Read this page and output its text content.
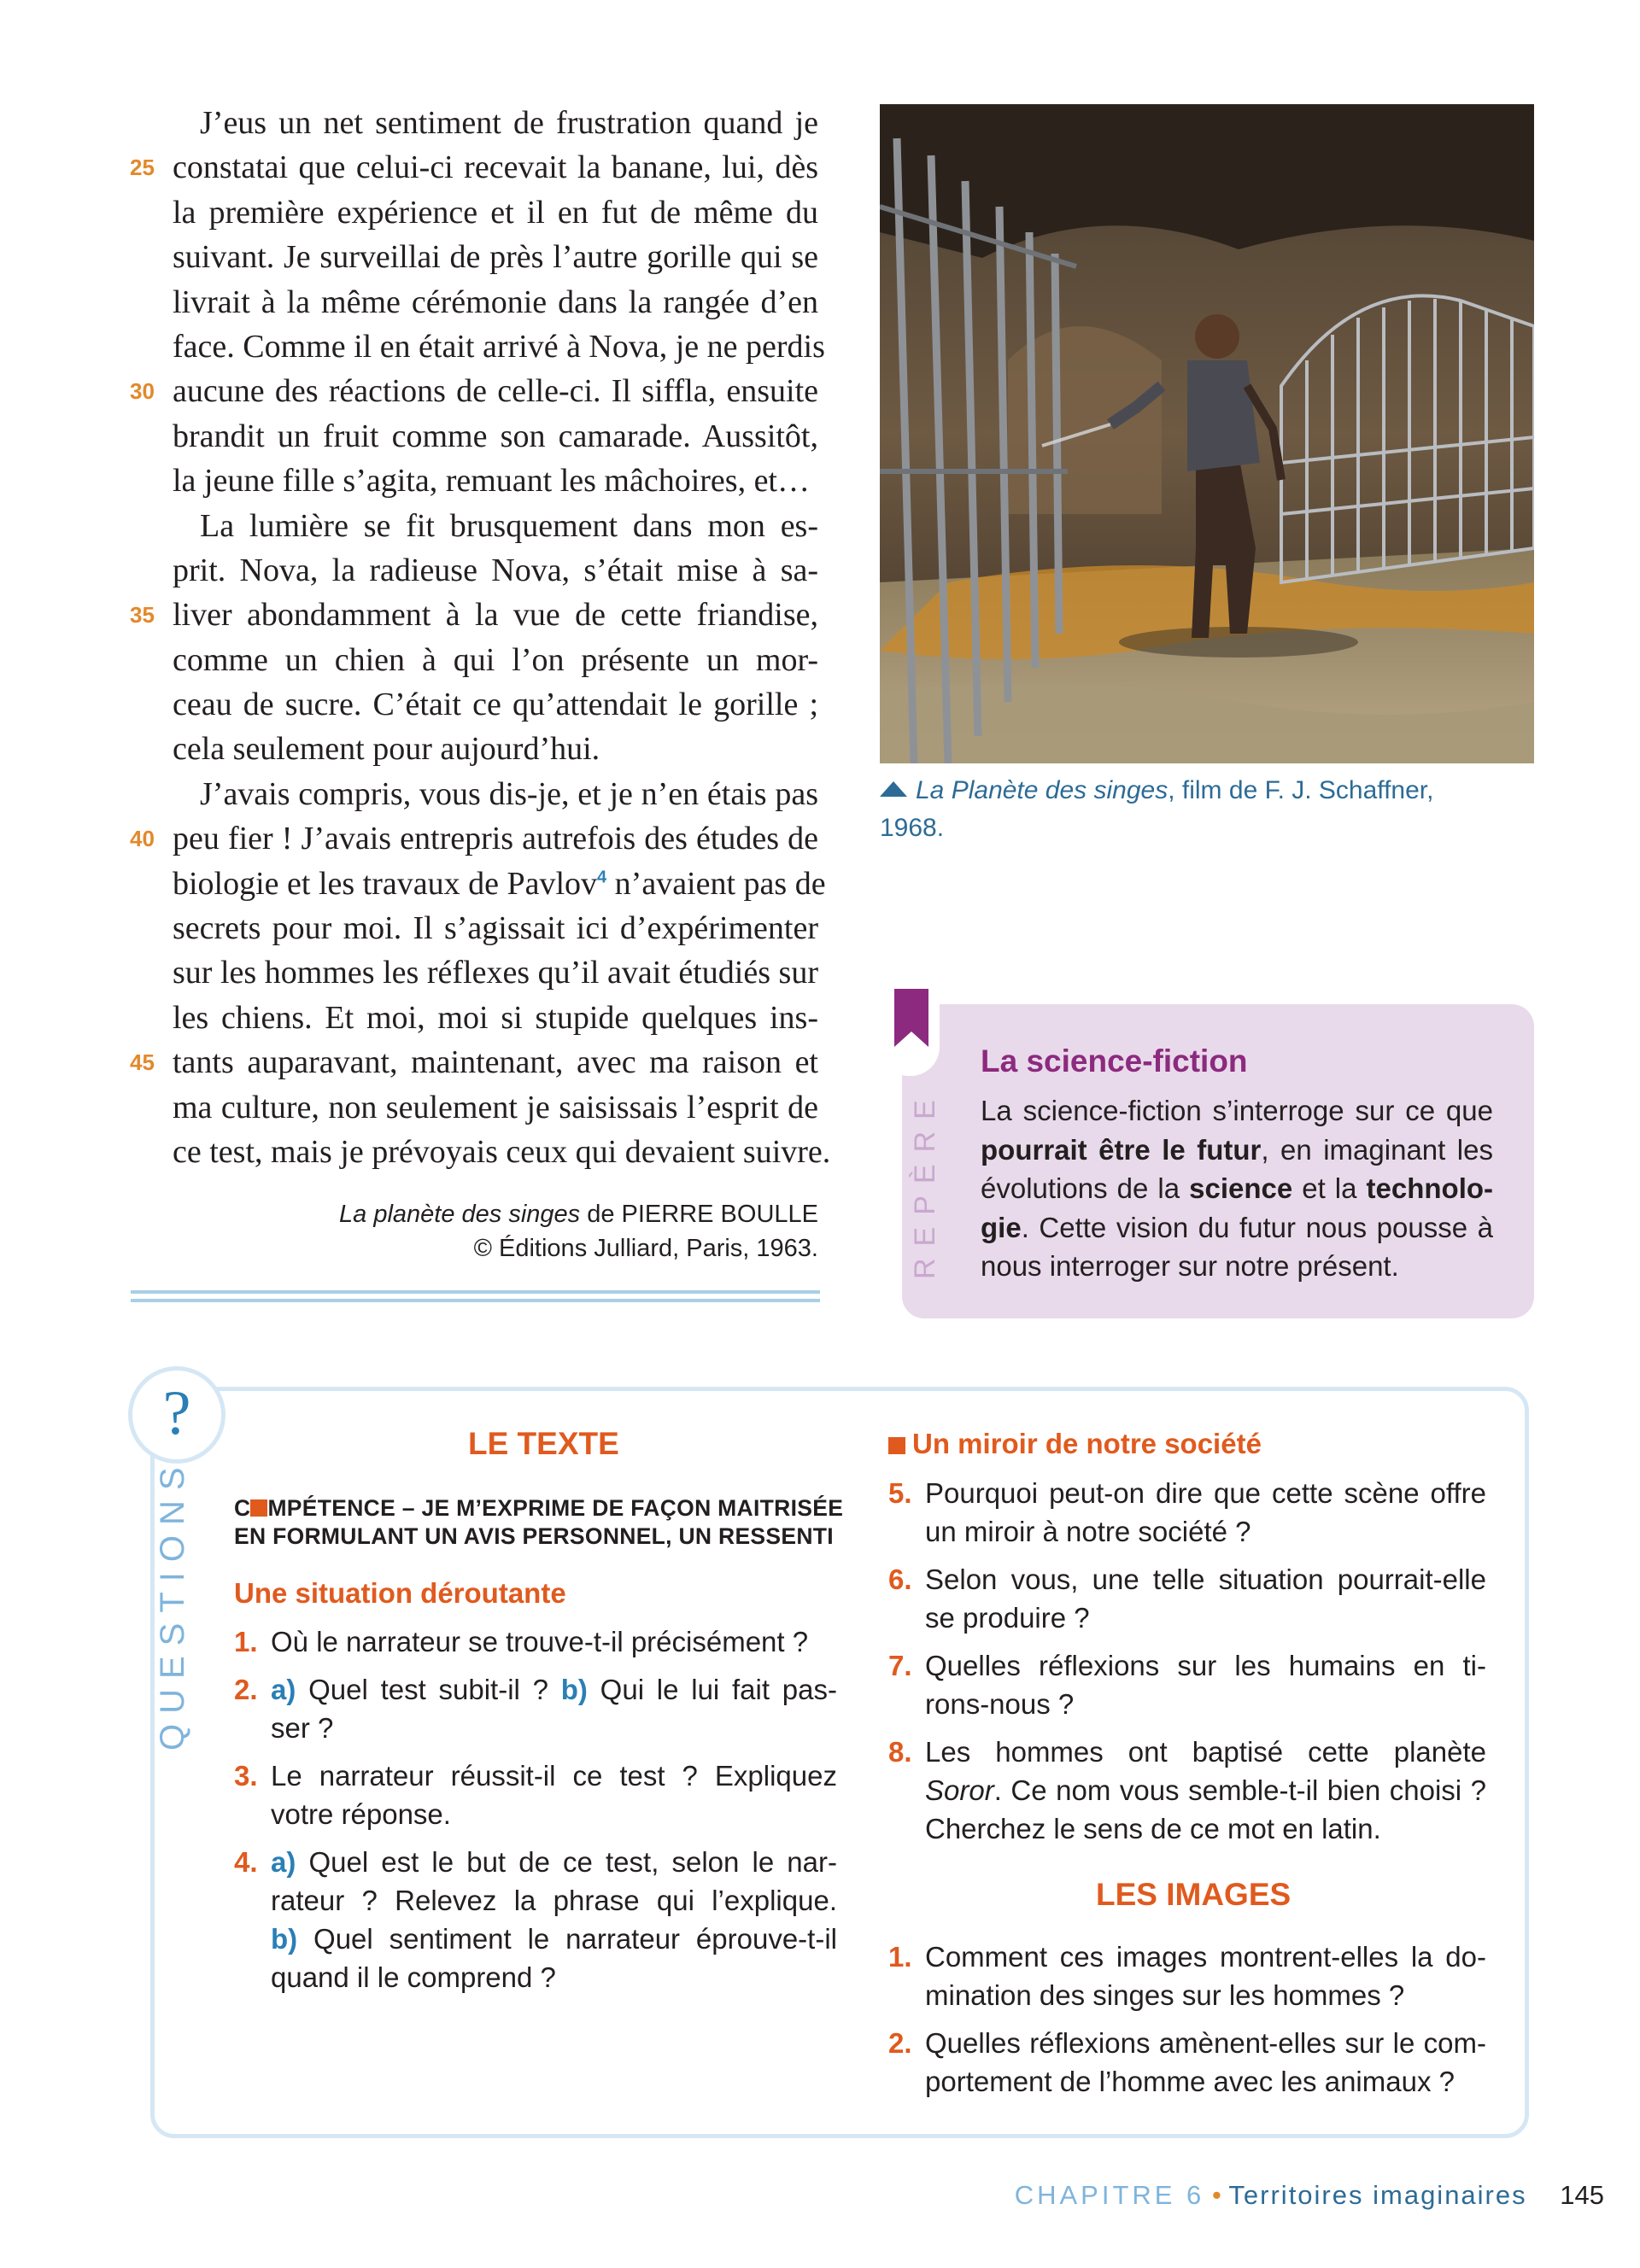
J’eus un net sentiment de frustration quand je
25 constatai que celui-ci recevait la banane, lui, dès
la première expérience et il en fut de même du
suivant. Je surveillai de près l’autre gorille qui se
livrait à la même cérémonie dans la rangée d’en
face. Comme il en était arrivé à Nova, je ne perdis
30 aucune des réactions de celle-ci. Il siffla, ensuite
brandit un fruit comme son camarade. Aussitôt,
la jeune fille s’agita, remuant les mâchoires, et…
La lumière se fit brusquement dans mon es-
prit. Nova, la radieuse Nova, s’était mise à sa-
35 liver abondamment à la vue de cette friandise,
comme un chien à qui l’on présente un mor-
ceau de sucre. C’était ce qu’attendait le gorille ;
cela seulement pour aujourd’hui.
J’avais compris, vous dis-je, et je n’en étais pas
40 peu fier ! J’avais entrepris autrefois des études de
biologie et les travaux de Pavlov$^4$ n’avaient pas de
secrets pour moi. Il s’agissait ici d’expérimenter
sur les hommes les réflexes qu’il avait étudiés sur
les chiens. Et moi, moi si stupide quelques ins-
45 tants auparavant, maintenant, avec ma raison et
ma culture, non seulement je saisissais l’esprit de
ce test, mais je prévoyais ceux qui devaient suivre.
La planète des singes de PIERRE BOULLE
© Éditions Julliard, Paris, 1963.
La Planète des singes, film de F. J. Schaffner,
1968.
REPÈRE
La science-fiction
La science-fiction s’interroge sur ce que
pourrait être le futur, en imaginant les
évolutions de la science et la technolo-
gie. Cette vision du futur nous pousse à
nous interroger sur notre présent.
?
QUESTIONS
LE TEXTE
C MPÉTENCE – JE M’EXPRIME DE FAÇON MAITRISÉE
EN FORMULANT UN AVIS PERSONNEL, UN RESSENTI
Une situation déroutante
1. Où le narrateur se trouve-t-il précisément ?
2. a) Quel test subit-il ? b) Qui le lui fait pas-
ser ?
3. Le narrateur réussit-il ce test ? Expliquez
votre réponse.
4. a) Quel est le but de ce test, selon le nar-
rateur ? Relevez la phrase qui l’explique.
b) Quel sentiment le narrateur éprouve-t-il
quand il le comprend ?
Un miroir de notre société
5. Pourquoi peut-on dire que cette scène offre
un miroir à notre société ?
6. Selon vous, une telle situation pourrait-elle
se produire ?
7. Quelles réflexions sur les humains en ti-
rons-nous ?
8. Les hommes ont baptisé cette planète
Soror. Ce nom vous semble-t-il bien choisi ?
Cherchez le sens de ce mot en latin.
LES IMAGES
1. Comment ces images montrent-elles la do-
mination des singes sur les hommes ?
2. Quelles réflexions amènent-elles sur le com-
portement de l’homme avec les animaux ?
CHAPITRE 6 • Territoires imaginaires 145
